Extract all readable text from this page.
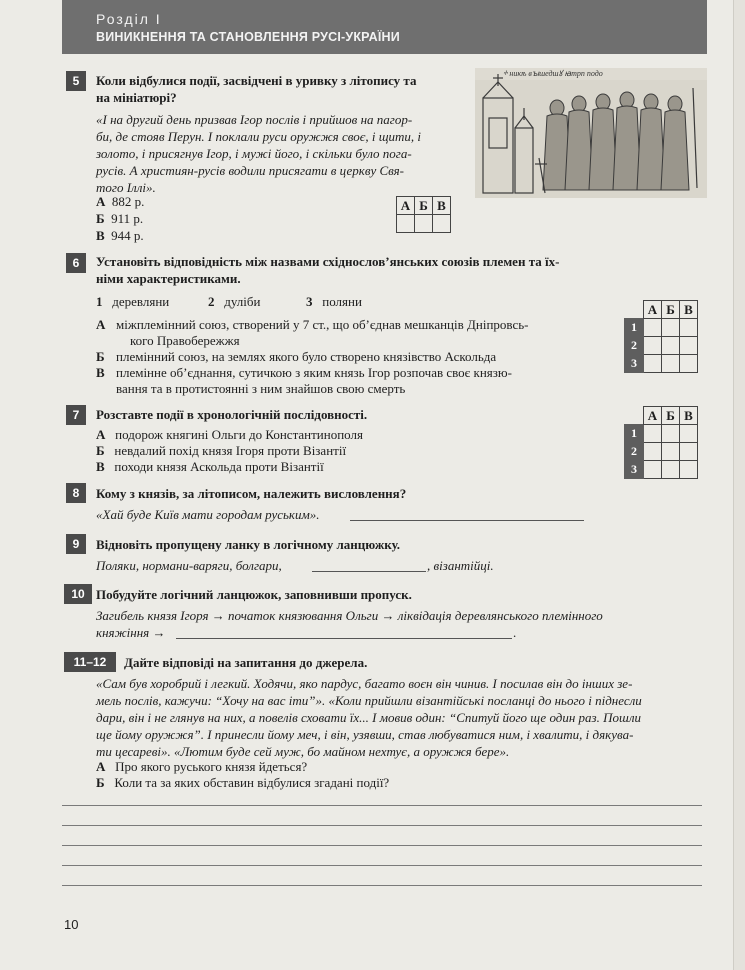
Розділ І
ВИНИКНЕННЯ ТА СТАНОВЛЕННЯ РУСІ-УКРАЇНИ
5	Коли відбулися події, засвідчені в уривку з літопису та
на мініатюрі?
«І на другий день призвав Ігор послів і прийшов на пагор-
би, де стояв Перун. І поклали руси оружжя своє, і щити, і
золото, і присягнув Ігор, і мужі його, і скільки було пога-
русів. А християн-русів водили присягати в церкву Свя-
того Іллі».
А 882 р.
Б 911 р.
В 944 р.
А	Б	В

ⰰ никѣ вꙑшедшꙋ ꙗтрп подо
6	Установіть відповідність між назвами східнослов’янських союзів племен та їх-
німи характеристиками.
1 деревляни	2 дуліби	3 поляни
А міжплемінний союз, створений у 7 ст., що об’єднав мешканців Дніпровсь-
кого Правобережжя
Б племінний союз, на землях якого було створено князівство Аскольда
В племінне об’єднання, сутичкою з яким князь Ігор розпочав своє князю-
вання та в протистоянні з ним знайшов свою смерть
	А	Б	В
1			
2			
3			
7	Розставте події в хронологічній послідовності.
А подорож княгині Ольги до Константинополя
Б невдалий похід князя Ігоря проти Візантії
В походи князя Аскольда проти Візантії
	А	Б	В
1			
2			
3			
8	Кому з князів, за літописом, належить висловлення?
«Хай буде Київ мати городам руським».
9	Відновіть пропущену ланку в логічному ланцюжку.
Поляки, нормани-варяги, болгари,	, візантійці.
10 Побудуйте логічний ланцюжок, заповнивши пропуск.
Загибель князя Ігоря → початок князювання Ольги → ліквідація деревлянського племінного
княжіння →	.
11–12	Дайте відповіді на запитання до джерела.
«Сам був хоробрий і легкий. Ходячи, яко пардус, багато воєн він чинив. І посилав він до інших зе-
мель послів, кажучи: “Хочу на вас іти”». «Коли прийшли візантійські посланці до нього і піднесли
дари, він і не глянув на них, а повелів сховати їх... І мовив один: “Спитуй його ще один раз. Пошли
ще йому оружжя”. І принесли йому меч, і він, узявши, став любуватися ним, і хвалити, і дякува-
ти цесареві». «Лютим буде сей муж, бо майном нехтує, а оружжя бере».
А Про якого руського князя йдеться?
Б Коли та за яких обставин відбулися згадані події?
10
